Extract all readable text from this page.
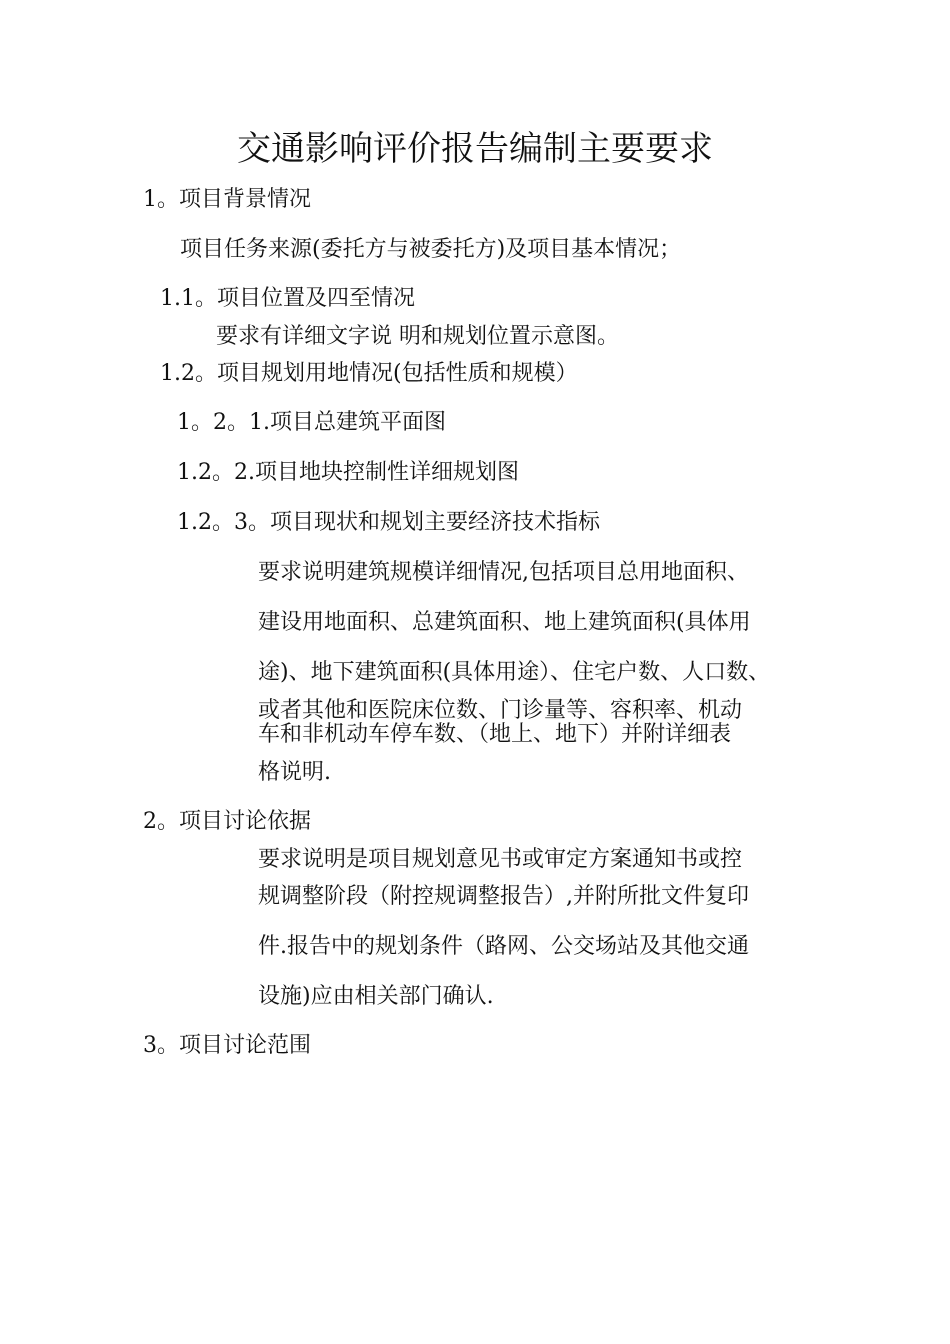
交通影响评价报告编制主要要求
1。项目背景情况
项目任务来源(委托方与被委托方)及项目基本情况；
1.1。项目位置及四至情况
要求有详细文字说 明和规划位置示意图。
1.2。项目规划用地情况(包括性质和规模）
1。2。1.项目总建筑平面图
1.2。2.项目地块控制性详细规划图
1.2。3。项目现状和规划主要经济技术指标
要求说明建筑规模详细情况,包括项目总用地面积、
建设用地面积、总建筑面积、地上建筑面积(具体用
途)、地下建筑面积(具体用途）、住宅户数、人口数、
或者其他和医院床位数、门诊量等、容积率、机动
车和非机动车停车数、（地上、地下）并附详细表
格说明.
2。项目讨论依据
要求说明是项目规划意见书或审定方案通知书或控
规调整阶段（附控规调整报告）,并附所批文件复印
件.报告中的规划条件（路网、公交场站及其他交通
设施)应由相关部门确认.
3。项目讨论范围
